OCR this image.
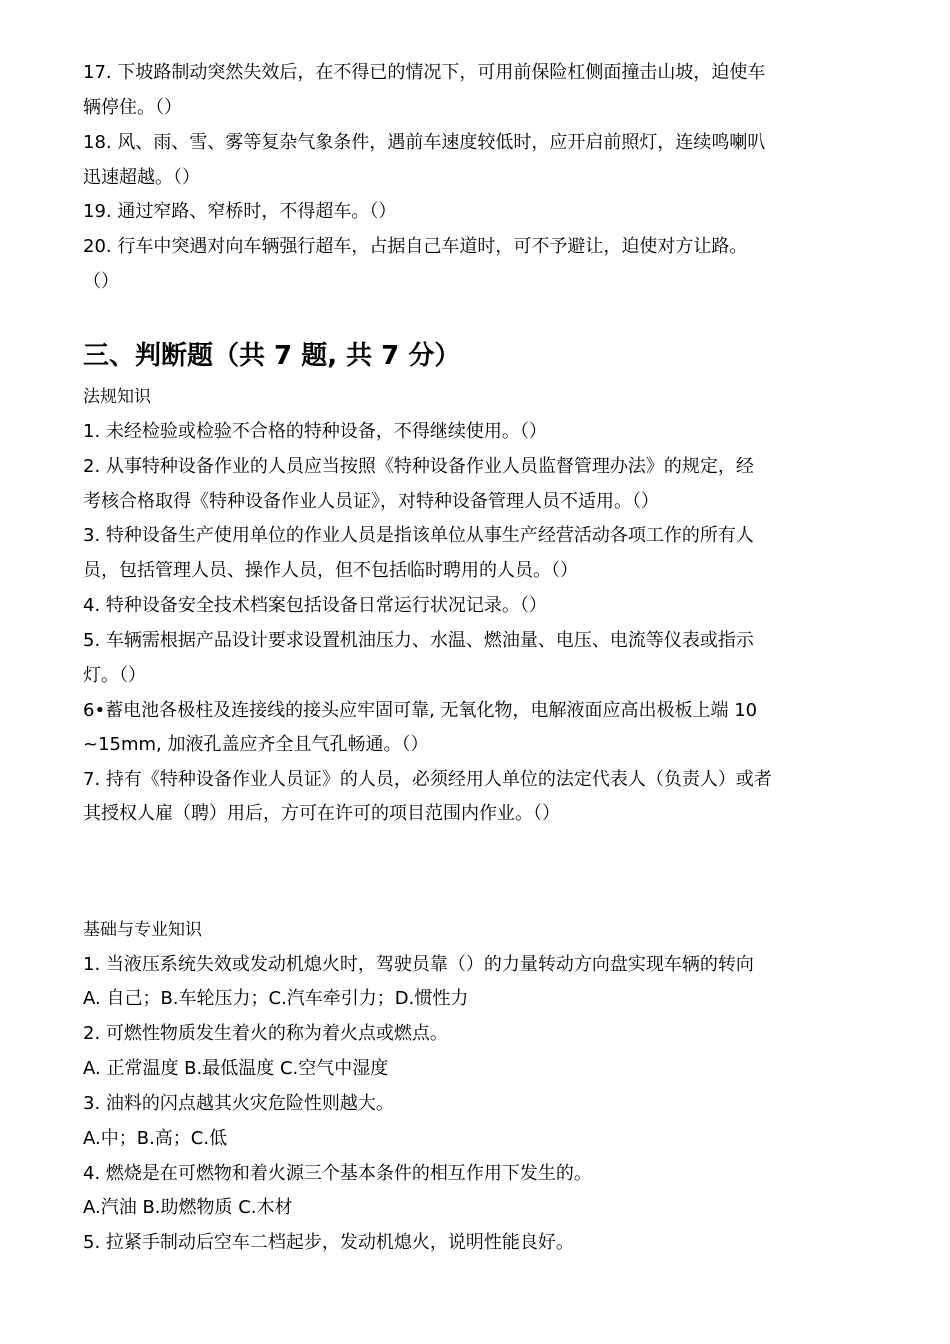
17. 下坡路制动突然失效后，在不得已的情况下，可用前保险杠侧面撞击山坡，迫使车
辆停住。（）
18. 风、雨、雪、雾等复杂气象条件，遇前车速度较低时，应开启前照灯，连续鸣喇叭
迅速超越。（）
19. 通过窄路、窄桥时，不得超车。（）
20. 行车中突遇对向车辆强行超车，占据自己车道时，可不予避让，迫使对方让路。
（）
三、判断题（共 7 题, 共 7 分）
法规知识
1. 未经检验或检验不合格的特种设备，不得继续使用。（）
2. 从事特种设备作业的人员应当按照《特种设备作业人员监督管理办法》的规定，经
考核合格取得《特种设备作业人员证》，对特种设备管理人员不适用。（）
3. 特种设备生产使用单位的作业人员是指该单位从事生产经营活动各项工作的所有人
员，包括管理人员、操作人员，但不包括临时聘用的人员。（）
4. 特种设备安全技术档案包括设备日常运行状况记录。（）
5. 车辆需根据产品设计要求设置机油压力、水温、燃油量、电压、电流等仪表或指示
灯。（）
6•蓄电池各极柱及连接线的接头应牢固可靠, 无氧化物，电解液面应高出极板上端 10
~15mm, 加液孔盖应齐全且气孔畅通。（）
7. 持有《特种设备作业人员证》的人员，必须经用人单位的法定代表人（负责人）或者
其授权人雇（聘）用后，方可在许可的项目范围内作业。（）
基础与专业知识
1. 当液压系统失效或发动机熄火时，驾驶员靠（）的力量转动方向盘实现车辆的转向
A. 自己；B.车轮压力；C.汽车牵引力；D.惯性力
2. 可燃性物质发生着火的称为着火点或燃点。
A. 正常温度 B.最低温度 C.空气中湿度
3. 油料的闪点越其火灾危险性则越大。
A.中；B.高；C.低
4. 燃烧是在可燃物和着火源三个基本条件的相互作用下发生的。
A.汽油 B.助燃物质 C.木材
5. 拉紧手制动后空车二档起步，发动机熄火，说明性能良好。
